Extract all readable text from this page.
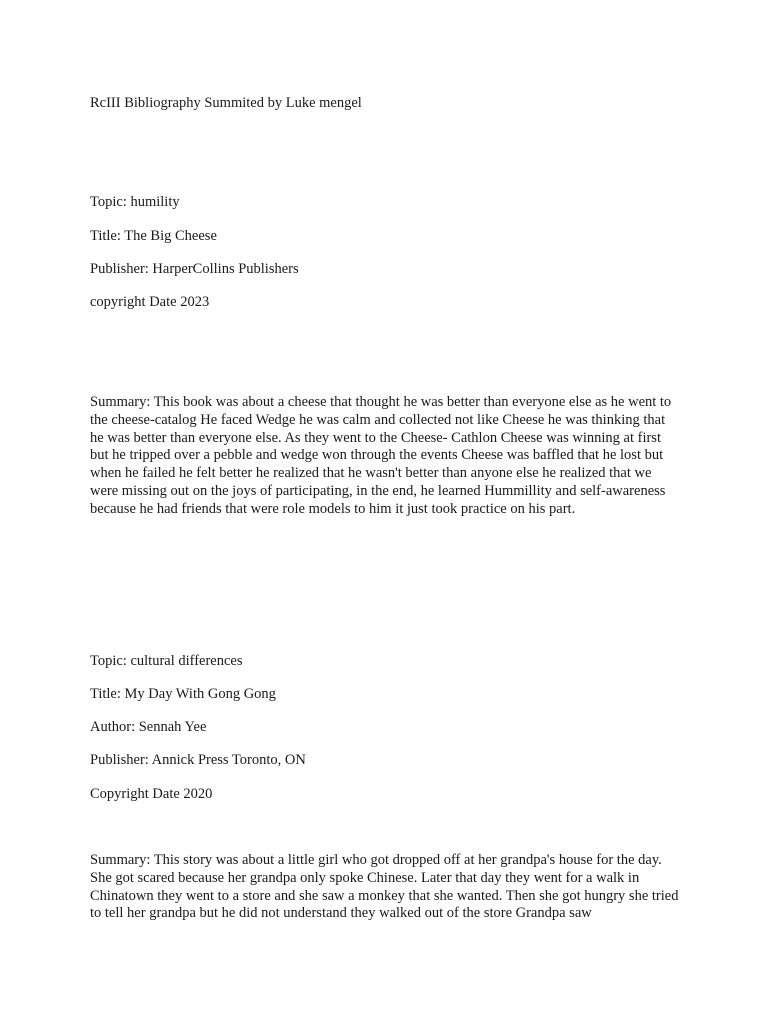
RcIII Bibliography Summited by Luke mengel

Topic: humility

Title: The Big Cheese

Publisher: HarperCollins Publishers

copyright Date 2023

Summary: This book was about a cheese that thought he was better than everyone else as he went to the cheese-catalog He faced Wedge he was calm and collected not like Cheese he was thinking that he was better than everyone else. As they went to the Cheese- Cathlon Cheese was winning at first but he tripped over a pebble and wedge won through the events Cheese was baffled that he lost but when he failed he felt better he realized that he wasn't better than anyone else he realized that we were missing out on the joys of participating, in the end, he learned Hummillity and self-awareness because he had friends that were role models to him it just took practice on his part.

Topic: cultural differences

Title: My Day With Gong Gong

Author: Sennah Yee

Publisher: Annick Press Toronto, ON

Copyright Date 2020

Summary: This story was about a little girl who got dropped off at her grandpa's house for the day. She got scared because her grandpa only spoke Chinese. Later that day they went for a walk in Chinatown they went to a store and she saw a monkey that she wanted. Then she got hungry she tried to tell her grandpa but he did not understand they walked out of the store Grandpa saw
